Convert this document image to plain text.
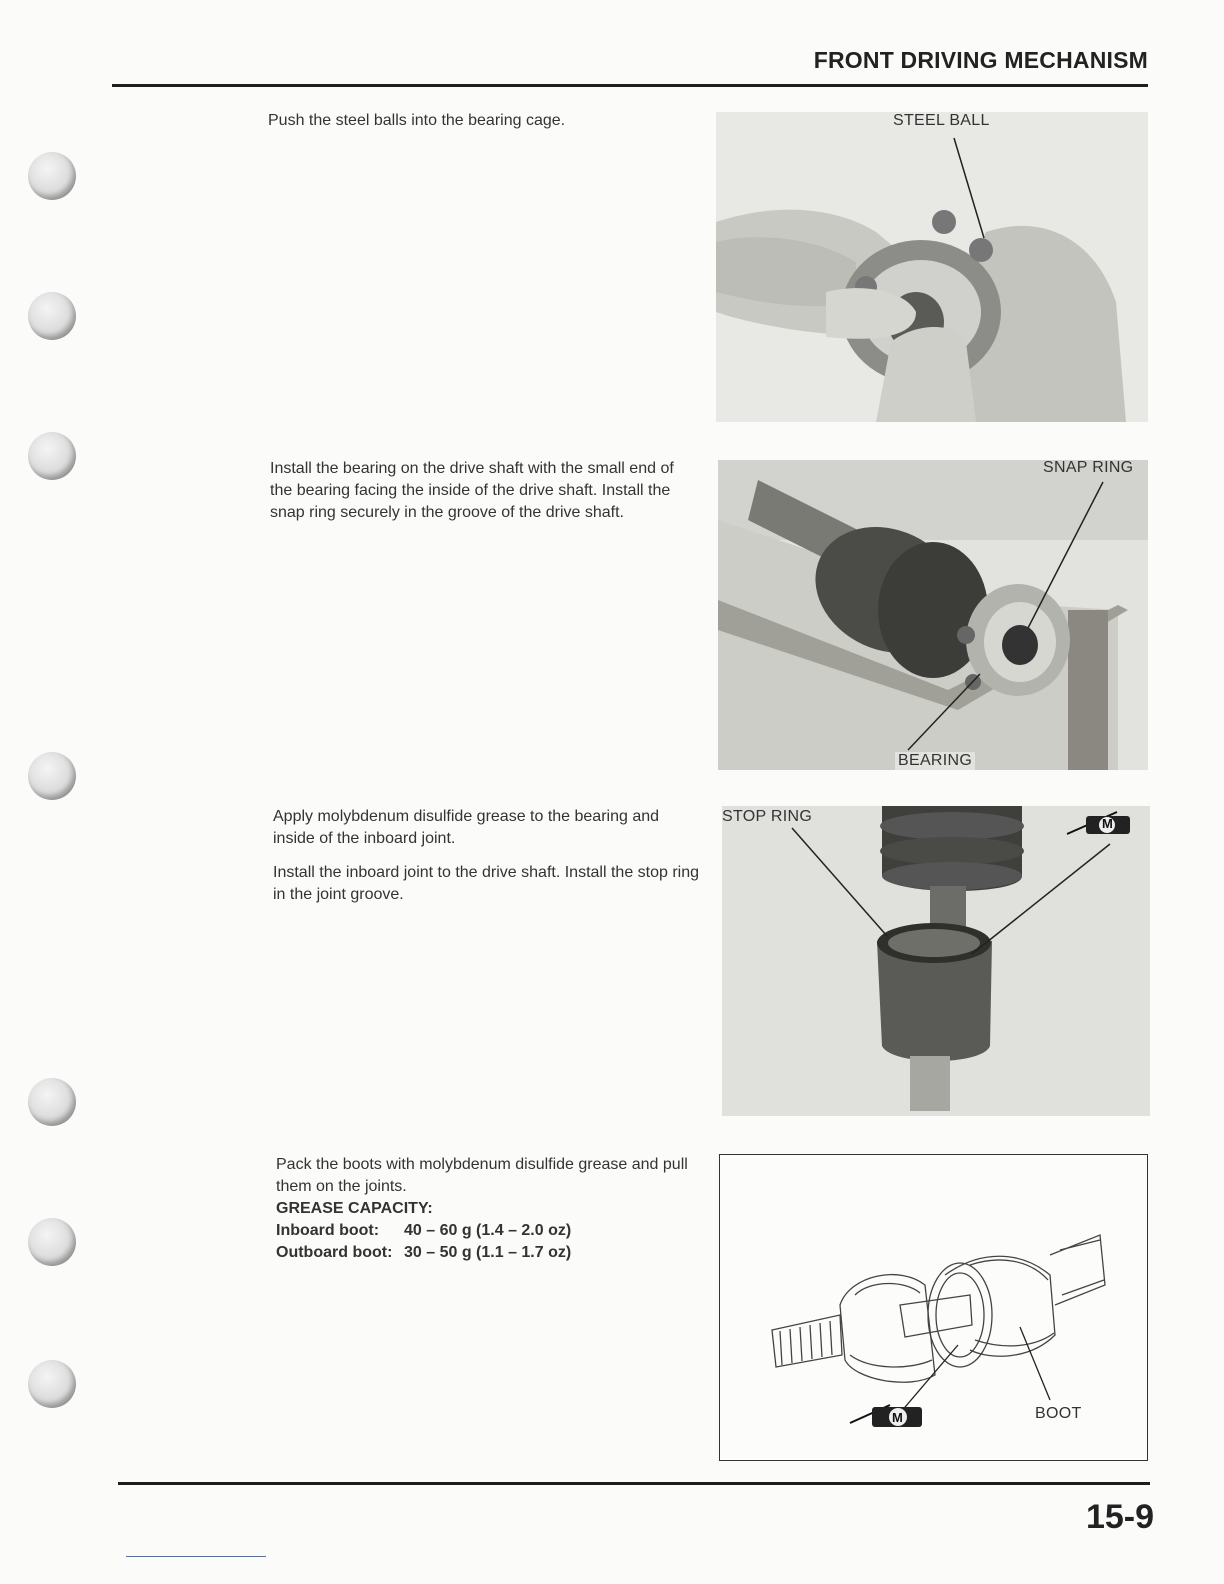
FRONT DRIVING MECHANISM

Push the steel balls into the bearing cage.	STEEL BALL

Install the bearing on the drive shaft with the small end of the bearing facing the inside of the drive shaft. Install the snap ring securely in the groove of the drive shaft.

SNAP RING
BEARING

Apply molybdenum disulfide grease to the bearing and inside of the inboard joint.

Install the inboard joint to the drive shaft. Install the stop ring in the joint groove.

STOP RING	M

Pack the boots with molybdenum disulfide grease and pull them on the joints.

GREASE CAPACITY:

Inboard boot:	40 – 60 g (1.4 – 2.0 oz)
Outboard boot: 30 – 50 g (1.1 – 1.7 oz)
BOOT
M
15-9
